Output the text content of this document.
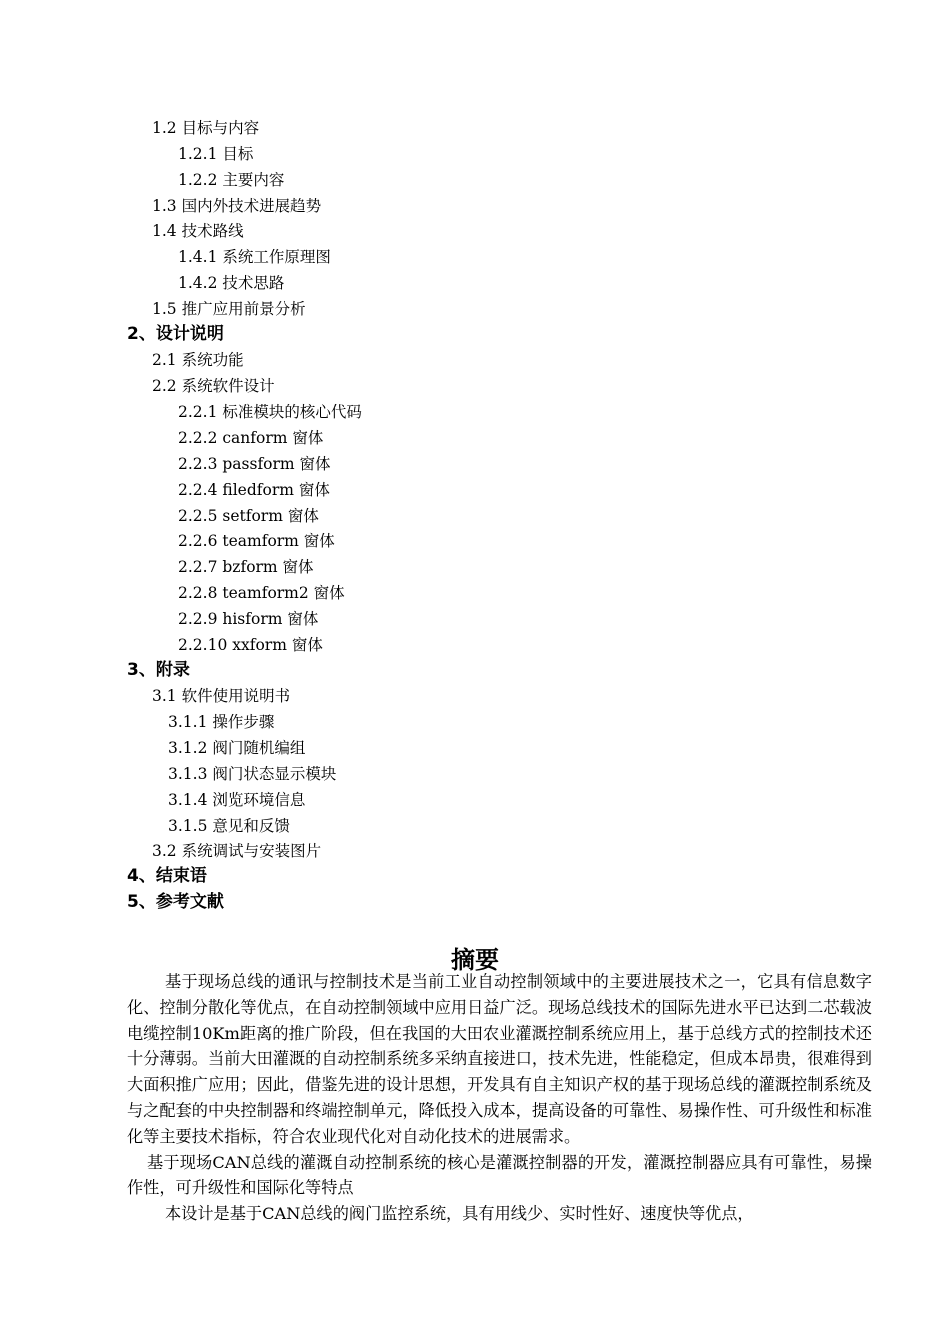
1.2 目标与内容
1.2.1 目标
1.2.2 主要内容
1.3 国内外技术进展趋势
1.4 技术路线
1.4.1 系统工作原理图
1.4.2 技术思路
1.5 推广应用前景分析
2、设计说明
2.1 系统功能
2.2 系统软件设计
2.2.1 标准模块的核心代码
2.2.2 canform 窗体
2.2.3 passform 窗体
2.2.4 filedform 窗体
2.2.5 setform 窗体
2.2.6 teamform 窗体
2.2.7 bzform 窗体
2.2.8 teamform2 窗体
2.2.9 hisform 窗体
2.2.10 xxform 窗体
3、附录
3.1 软件使用说明书
3.1.1 操作步骤
3.1.2 阀门随机编组
3.1.3 阀门状态显示模块
3.1.4 浏览环境信息
3.1.5 意见和反馈
3.2 系统调试与安装图片
4、结束语
5、参考文献
摘要

基于现场总线的通讯与控制技术是当前工业自动控制领域中的主要进展技术之一，它具有信息数字化、控制分散化等优点，在自动控制领域中应用日益广泛。现场总线技术的国际先进水平已达到二芯载波电缆控制10Km距离的推广阶段，但在我国的大田农业灌溉控制系统应用上，基于总线方式的控制技术还十分薄弱。当前大田灌溉的自动控制系统多采纳直接进口，技术先进，性能稳定，但成本昂贵，很难得到大面积推广应用；因此，借鉴先进的设计思想，开发具有自主知识产权的基于现场总线的灌溉控制系统及与之配套的中央控制器和终端控制单元，降低投入成本，提高设备的可靠性、易操作性、可升级性和标准化等主要技术指标，符合农业现代化对自动化技术的进展需求。

基于现场CAN总线的灌溉自动控制系统的核心是灌溉控制器的开发，灌溉控制器应具有可靠性，易操作性，可升级性和国际化等特点

本设计是基于CAN总线的阀门监控系统，具有用线少、实时性好、速度快等优点，
